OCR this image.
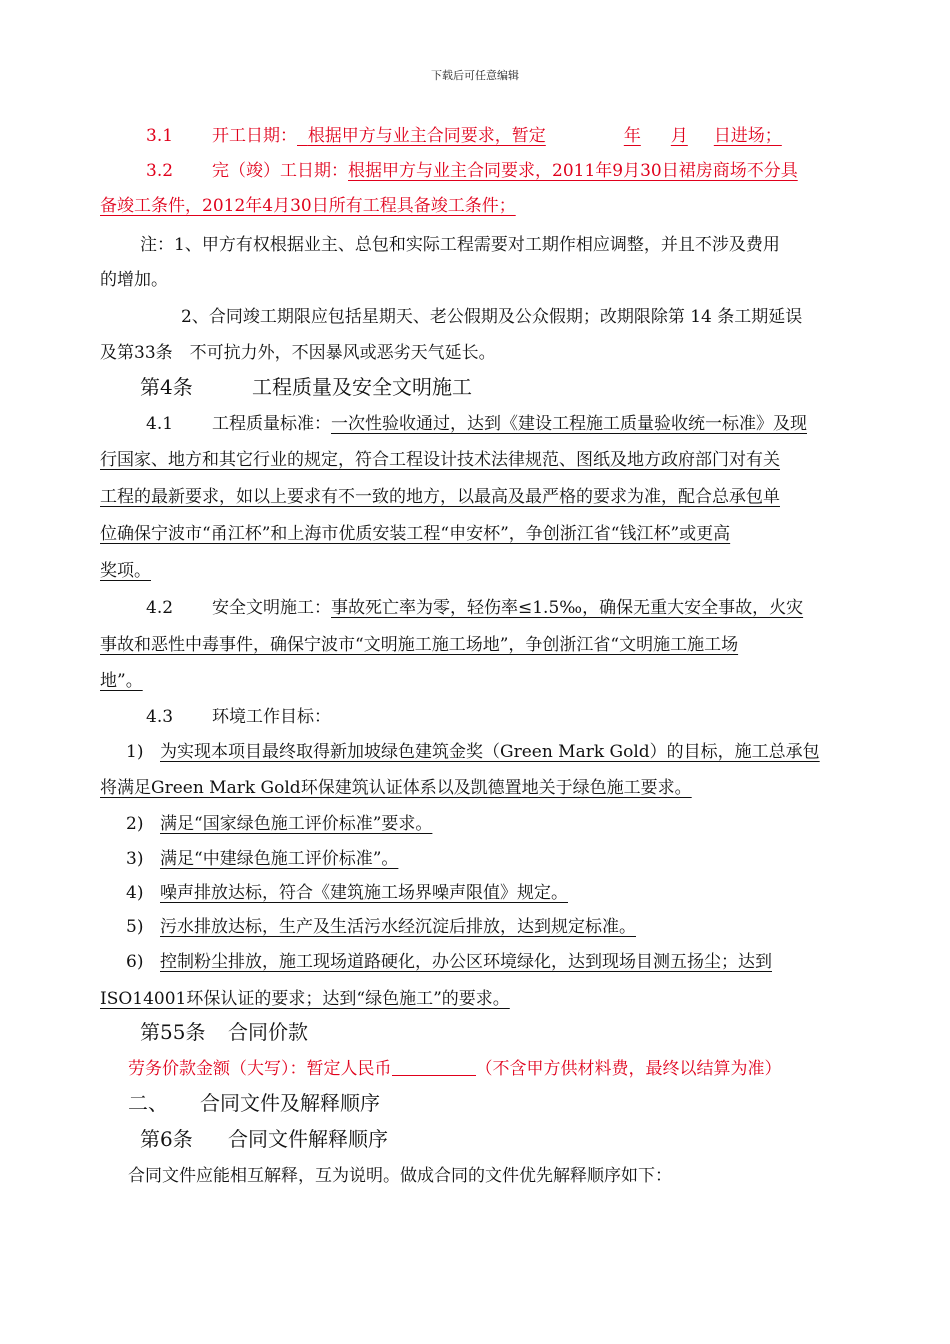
下载后可任意编辑
3.1 开工日期： 根据甲方与业主合同要求，暂定	年 月 日进场；
3.2 完（竣）工日期：根据甲方与业主合同要求，2011年9月30日裙房商场不分具
备竣工条件，2012年4月30日所有工程具备竣工条件；
注：1、甲方有权根据业主、总包和实际工程需要对工期作相应调整，并且不涉及费用
的增加。
2、合同竣工期限应包括星期天、老公假期及公众假期；改期限除第 14 条工期延误
及第33条　不可抗力外，不因暴风或恶劣天气延长。
第4条	工程质量及安全文明施工
4.1 工程质量标准：一次性验收通过，达到《建设工程施工质量验收统一标准》及现
行国家、地方和其它行业的规定，符合工程设计技术法律规范、图纸及地方政府部门对有关
工程的最新要求，如以上要求有不一致的地方，以最高及最严格的要求为准，配合总承包单
位确保宁波市“甬江杯”和上海市优质安装工程“申安杯”，争创浙江省“钱江杯”或更高
奖项。
4.2 安全文明施工：事故死亡率为零，轻伤率≤1.5‰，确保无重大安全事故，火灾
事故和恶性中毒事件，确保宁波市“文明施工施工场地”，争创浙江省“文明施工施工场
地”。
4.3 环境工作目标：
1) 为实现本项目最终取得新加坡绿色建筑金奖（Green Mark Gold）的目标，施工总承包
将满足Green Mark Gold环保建筑认证体系以及凯德置地关于绿色施工要求。
2) 满足“国家绿色施工评价标准”要求。
3) 满足“中建绿色施工评价标准”。
4) 噪声排放达标，符合《建筑施工场界噪声限值》规定。
5) 污水排放达标，生产及生活污水经沉淀后排放，达到规定标准。
6) 控制粉尘排放，施工现场道路硬化，办公区环境绿化，达到现场目测五扬尘；达到
ISO14001环保认证的要求；达到“绿色施工”的要求。
第55条 合同价款
劳务价款金额（大写）：暂定人民币	（不含甲方供材料费，最终以结算为准）
二、 合同文件及解释顺序
第6条 合同文件解释顺序
合同文件应能相互解释，互为说明。做成合同的文件优先解释顺序如下：
